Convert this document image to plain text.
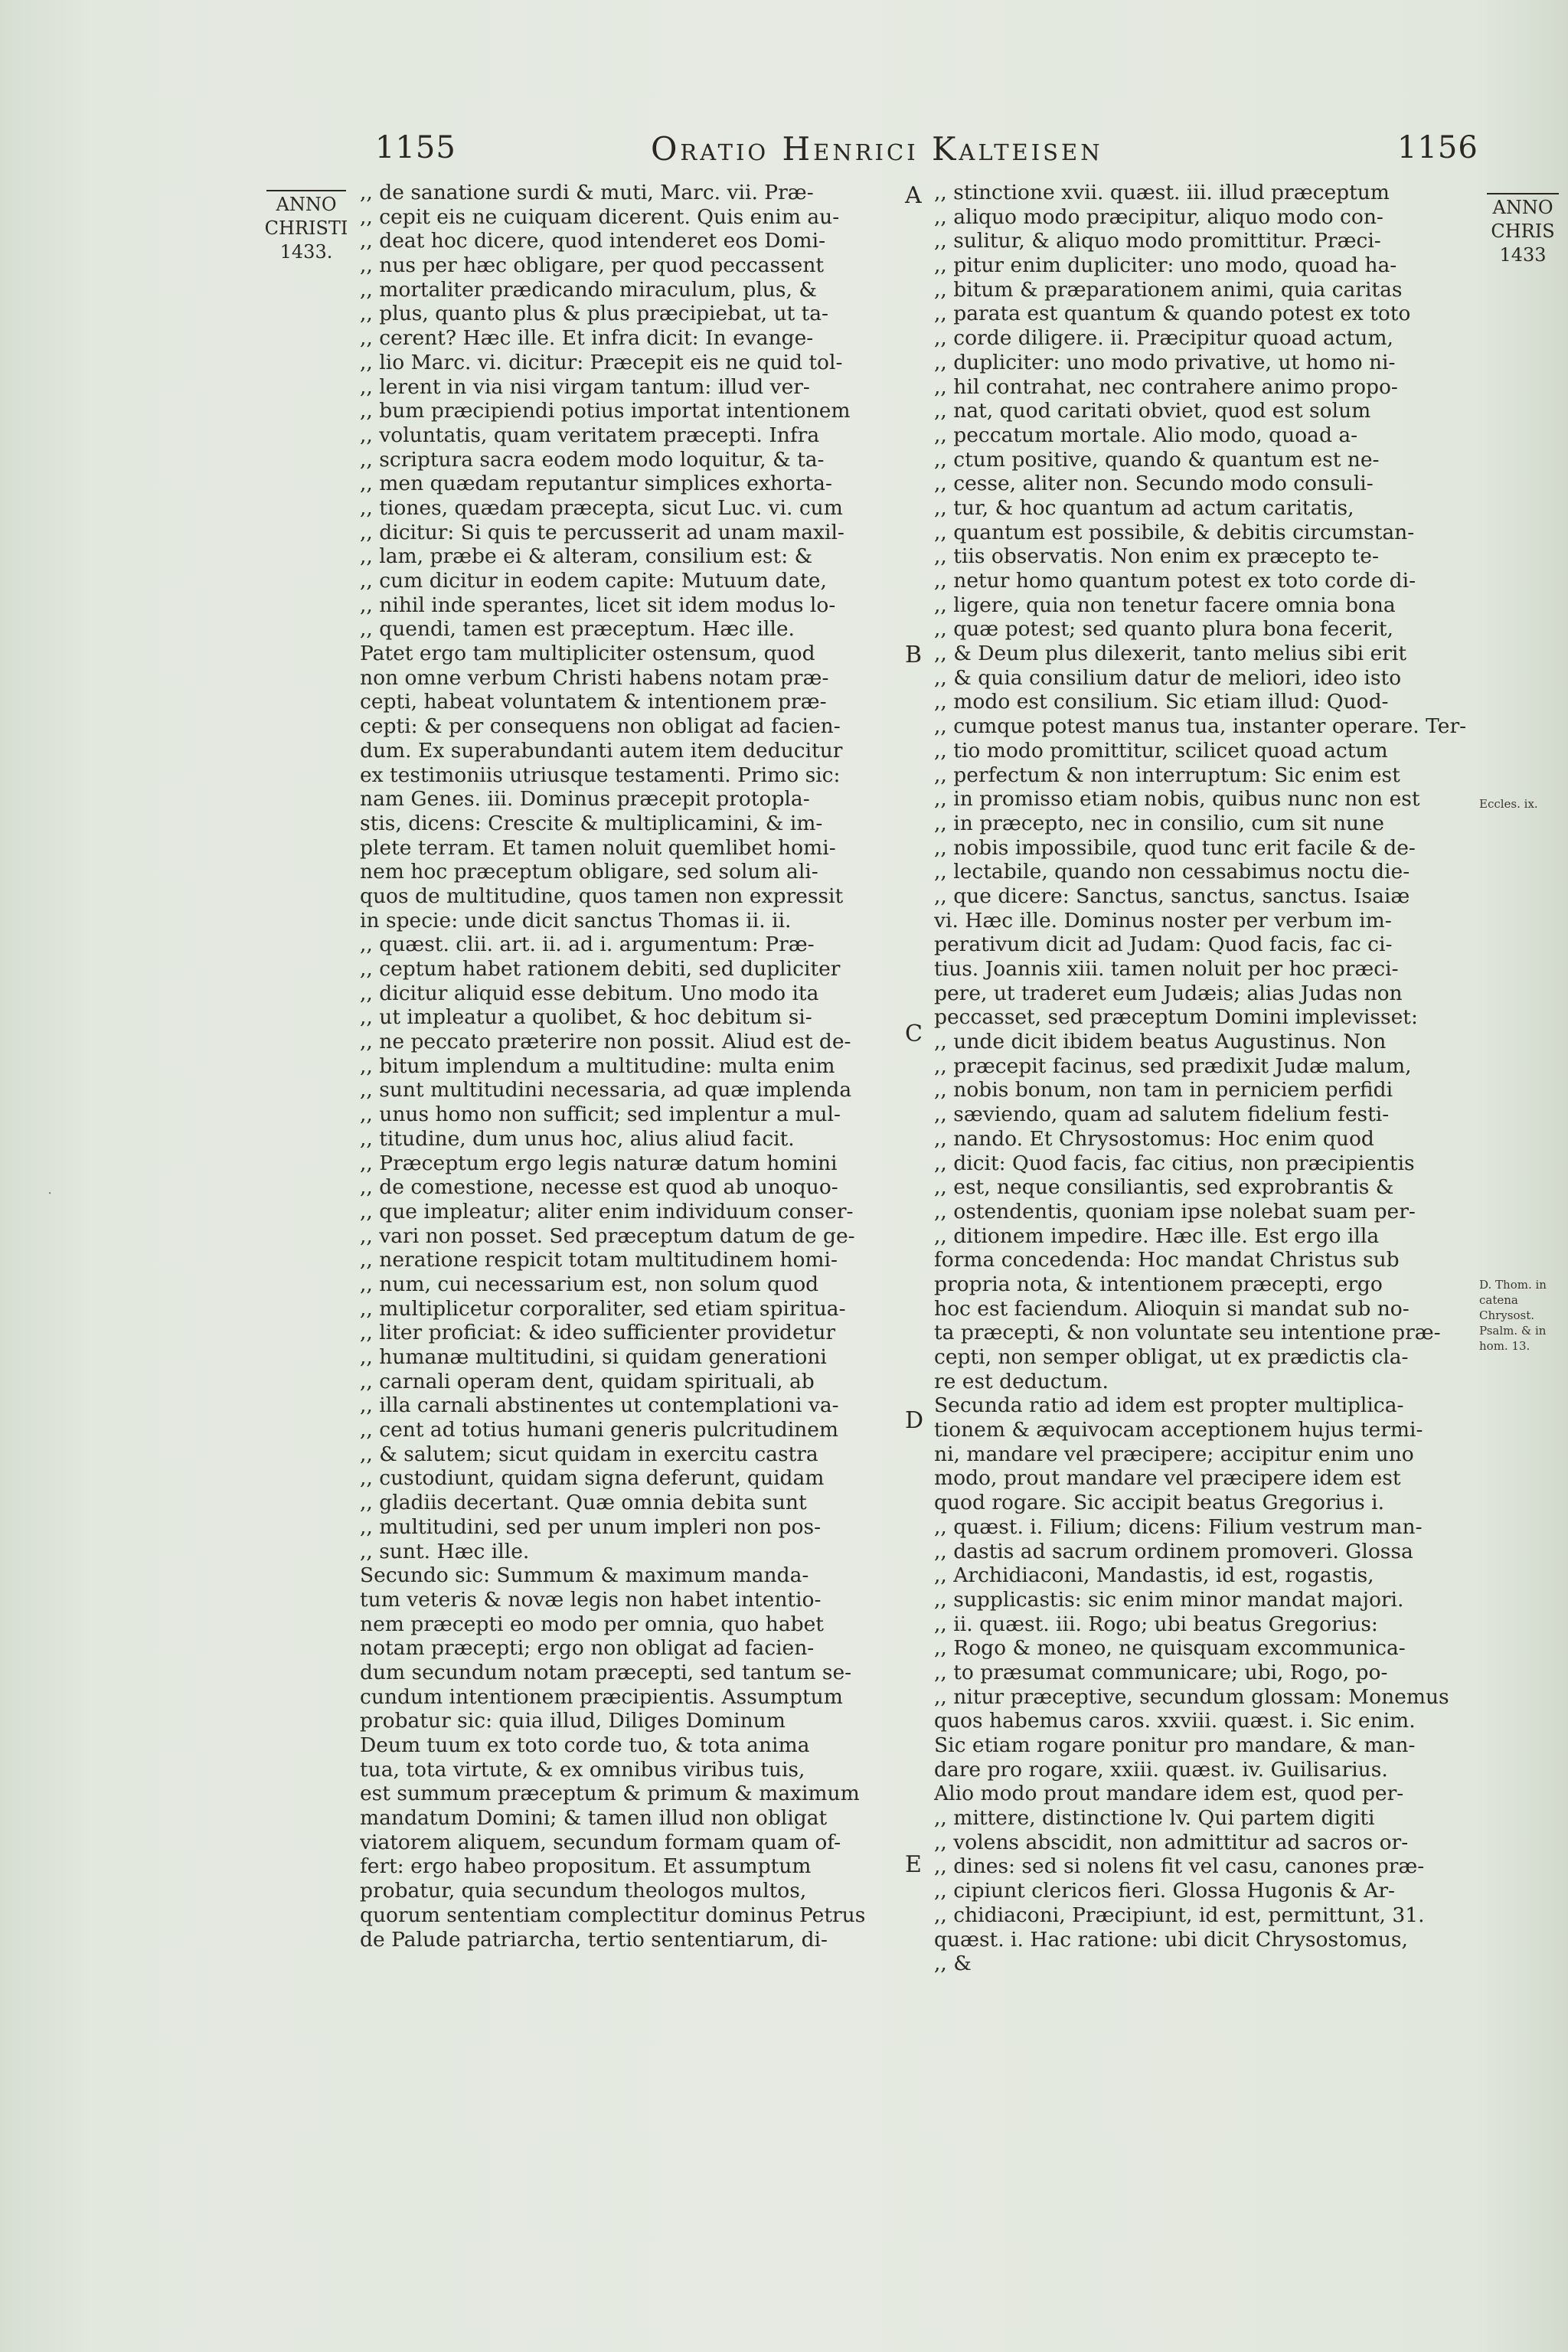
1155	Oratio Henrici Kalteisen	1156
ANNO
CHRISTI
1433.
ANNO
CHRIS
1433
,, de sanatione surdi & muti, Marc. vii. Præ-
,, cepit eis ne cuiquam dicerent. Quis enim au-
,, deat hoc dicere, quod intenderet eos Domi-
,, nus per hæc obligare, per quod peccassent
,, mortaliter prædicando miraculum, plus, &
,, plus, quanto plus & plus præcipiebat, ut ta-
,, cerent? Hæc ille. Et infra dicit: In evange-
,, lio Marc. vi. dicitur: Præcepit eis ne quid tol-
,, lerent in via nisi virgam tantum: illud ver-
,, bum præcipiendi potius importat intentionem
,, voluntatis, quam veritatem præcepti. Infra
,, scriptura sacra eodem modo loquitur, & ta-
,, men quædam reputantur simplices exhorta-
,, tiones, quædam præcepta, sicut Luc. vi. cum
,, dicitur: Si quis te percusserit ad unam maxil-
,, lam, præbe ei & alteram, consilium est: &
,, cum dicitur in eodem capite: Mutuum date,
,, nihil inde sperantes, licet sit idem modus lo-
,, quendi, tamen est præceptum. Hæc ille.
Patet ergo tam multipliciter ostensum, quod
non omne verbum Christi habens notam præ-
cepti, habeat voluntatem & intentionem præ-
cepti: & per consequens non obligat ad facien-
dum. Ex superabundanti autem item deducitur
ex testimoniis utriusque testamenti. Primo sic:
nam Genes. iii. Dominus præcepit protopla-
stis, dicens: Crescite & multiplicamini, & im-
plete terram. Et tamen noluit quemlibet homi-
nem hoc præceptum obligare, sed solum ali-
quos de multitudine, quos tamen non expressit
in specie: unde dicit sanctus Thomas ii. ii.
,, quæst. clii. art. ii. ad i. argumentum: Præ-
,, ceptum habet rationem debiti, sed dupliciter
,, dicitur aliquid esse debitum. Uno modo ita
,, ut impleatur a quolibet, & hoc debitum si-
,, ne peccato præterire non possit. Aliud est de-
,, bitum implendum a multitudine: multa enim
,, sunt multitudini necessaria, ad quæ implenda
,, unus homo non sufficit; sed implentur a mul-
,, titudine, dum unus hoc, alius aliud facit.
,, Præceptum ergo legis naturæ datum homini
,, de comestione, necesse est quod ab unoquo-
,, que impleatur; aliter enim individuum conser-
,, vari non posset. Sed præceptum datum de ge-
,, neratione respicit totam multitudinem homi-
,, num, cui necessarium est, non solum quod
,, multiplicetur corporaliter, sed etiam spiritua-
,, liter proficiat: & ideo sufficienter providetur
,, humanæ multitudini, si quidam generationi
,, carnali operam dent, quidam spirituali, ab
,, illa carnali abstinentes ut contemplationi va-
,, cent ad totius humani generis pulcritudinem
,, & salutem; sicut quidam in exercitu castra
,, custodiunt, quidam signa deferunt, quidam
,, gladiis decertant. Quæ omnia debita sunt
,, multitudini, sed per unum impleri non pos-
,, sunt. Hæc ille.
Secundo sic: Summum & maximum manda-
tum veteris & novæ legis non habet intentio-
nem præcepti eo modo per omnia, quo habet
notam præcepti; ergo non obligat ad facien-
dum secundum notam præcepti, sed tantum se-
cundum intentionem præcipientis. Assumptum
probatur sic: quia illud, Diliges Dominum
Deum tuum ex toto corde tuo, & tota anima
tua, tota virtute, & ex omnibus viribus tuis,
est summum præceptum & primum & maximum
mandatum Domini; & tamen illud non obligat
viatorem aliquem, secundum formam quam of-
fert: ergo habeo propositum. Et assumptum
probatur, quia secundum theologos multos,
quorum sententiam complectitur dominus Petrus
de Palude patriarcha, tertio sententiarum, di-
,, stinctione xvii. quæst. iii. illud præceptum
,, aliquo modo præcipitur, aliquo modo con-
,, sulitur, & aliquo modo promittitur. Præci-
,, pitur enim dupliciter: uno modo, quoad ha-
,, bitum & præparationem animi, quia caritas
,, parata est quantum & quando potest ex toto
,, corde diligere. ii. Præcipitur quoad actum,
,, dupliciter: uno modo privative, ut homo ni-
,, hil contrahat, nec contrahere animo propo-
,, nat, quod caritati obviet, quod est solum
,, peccatum mortale. Alio modo, quoad a-
,, ctum positive, quando & quantum est ne-
,, cesse, aliter non. Secundo modo consuli-
,, tur, & hoc quantum ad actum caritatis,
,, quantum est possibile, & debitis circumstan-
,, tiis observatis. Non enim ex præcepto te-
,, netur homo quantum potest ex toto corde di-
,, ligere, quia non tenetur facere omnia bona
,, quæ potest; sed quanto plura bona fecerit,
,, & Deum plus dilexerit, tanto melius sibi erit
,, & quia consilium datur de meliori, ideo isto
,, modo est consilium. Sic etiam illud: Quod-
,, cumque potest manus tua, instanter operare. Ter-
,, tio modo promittitur, scilicet quoad actum
,, perfectum & non interruptum: Sic enim est
,, in promisso etiam nobis, quibus nunc non est
,, in præcepto, nec in consilio, cum sit nune
,, nobis impossibile, quod tunc erit facile & de-
,, lectabile, quando non cessabimus noctu die-
,, que dicere: Sanctus, sanctus, sanctus. Isaiæ
vi. Hæc ille. Dominus noster per verbum im-
perativum dicit ad Judam: Quod facis, fac ci-
tius. Joannis xiii. tamen noluit per hoc præci-
pere, ut traderet eum Judæis; alias Judas non
peccasset, sed præceptum Domini implevisset:
,, unde dicit ibidem beatus Augustinus. Non
,, præcepit facinus, sed prædixit Judæ malum,
,, nobis bonum, non tam in perniciem perfidi
,, sæviendo, quam ad salutem fidelium festi-
,, nando. Et Chrysostomus: Hoc enim quod
,, dicit: Quod facis, fac citius, non præcipientis
,, est, neque consiliantis, sed exprobrantis &
,, ostendentis, quoniam ipse nolebat suam per-
,, ditionem impedire. Hæc ille. Est ergo illa
forma concedenda: Hoc mandat Christus sub
propria nota, & intentionem præcepti, ergo
hoc est faciendum. Alioquin si mandat sub no-
ta præcepti, & non voluntate seu intentione præ-
cepti, non semper obligat, ut ex prædictis cla-
re est deductum.
Secunda ratio ad idem est propter multiplica-
tionem & æquivocam acceptionem hujus termi-
ni, mandare vel præcipere; accipitur enim uno
modo, prout mandare vel præcipere idem est
quod rogare. Sic accipit beatus Gregorius i.
,, quæst. i. Filium; dicens: Filium vestrum man-
,, dastis ad sacrum ordinem promoveri. Glossa
,, Archidiaconi, Mandastis, id est, rogastis,
,, supplicastis: sic enim minor mandat majori.
,, ii. quæst. iii. Rogo; ubi beatus Gregorius:
,, Rogo & moneo, ne quisquam excommunica-
,, to præsumat communicare; ubi, Rogo, po-
,, nitur præceptive, secundum glossam: Monemus
quos habemus caros. xxviii. quæst. i. Sic enim.
Sic etiam rogare ponitur pro mandare, & man-
dare pro rogare, xxiii. quæst. iv. Guilisarius.
Alio modo prout mandare idem est, quod per-
,, mittere, distinctione lv. Qui partem digiti
,, volens abscidit, non admittitur ad sacros or-
,, dines: sed si nolens fit vel casu, canones præ-
,, cipiunt clericos fieri. Glossa Hugonis & Ar-
,, chidiaconi, Præcipiunt, id est, permittunt, 31.
quæst. i. Hac ratione: ubi dicit Chrysostomus,
,, &
A
B
C
D
E
Eccles. ix.
D. Thom. in catena Chrysost. Psalm. & in hom. 13.
⸱
